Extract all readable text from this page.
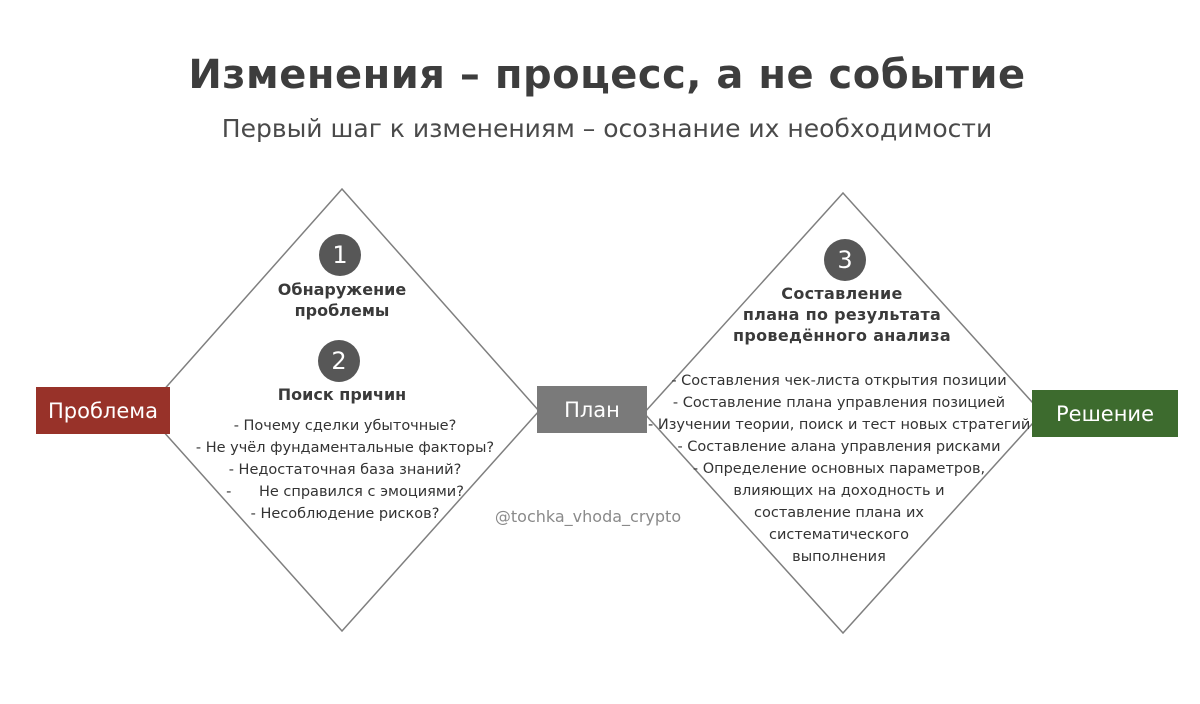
Изменения – процесс, а не событие
Первый шаг к изменениям – осознание их необходимости
Проблема	План	Решение
1
Обнаружение
проблемы
2
Поиск причин
- Почему сделки убыточные?
- Не учёл фундаментальные факторы?
- Недостаточная база знаний?
-      Не справился с эмоциями?
- Несоблюдение рисков?
3
Составление
плана по результата
проведённого анализа
- Составления чек-листа открытия позиции
- Составление плана управления позицией
- Изучении теории, поиск и тест новых стратегий
- Составление алана управления рисками
- Определение основных параметров,
влияющих на доходность и
составление плана их
систематического
выполнения
@tochka_vhoda_crypto
